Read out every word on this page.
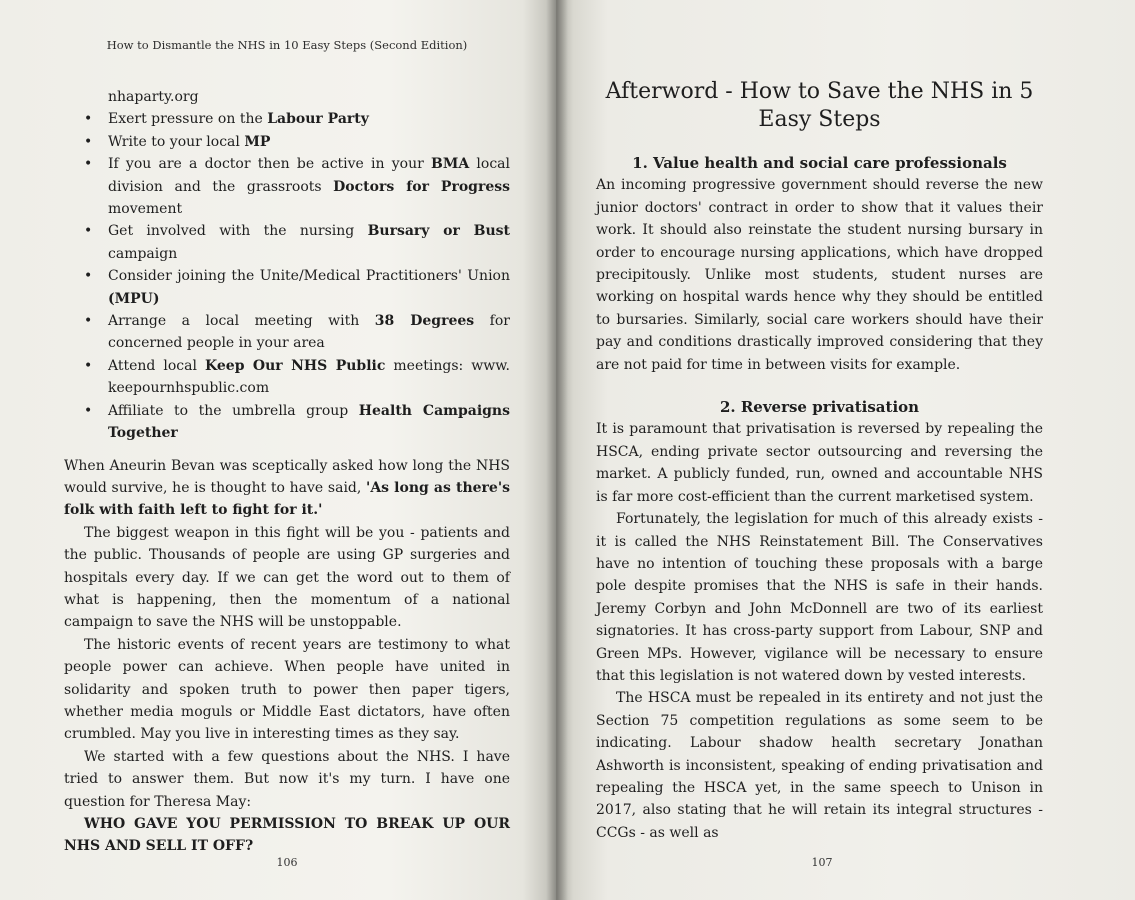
How to Dismantle the NHS in 10 Easy Steps (Second Edition)
nhaparty.org
• Exert pressure on the Labour Party
• Write to your local MP
• If you are a doctor then be active in your BMA local division and the grassroots Doctors for Progress movement
• Get involved with the nursing Bursary or Bust campaign
• Consider joining the Unite/Medical Practitioners' Union (MPU)
• Arrange a local meeting with 38 Degrees for concerned people in your area
• Attend local Keep Our NHS Public meetings: www. keepournhspublic.com
• Affiliate to the umbrella group Health Campaigns Together

When Aneurin Bevan was sceptically asked how long the NHS would survive, he is thought to have said, 'As long as there's folk with faith left to fight for it.'

The biggest weapon in this fight will be you - patients and the public. Thousands of people are using GP surgeries and hospitals every day. If we can get the word out to them of what is happening, then the momentum of a national campaign to save the NHS will be unstoppable.

The historic events of recent years are testimony to what people power can achieve. When people have united in solidarity and spoken truth to power then paper tigers, whether media moguls or Middle East dictators, have often crumbled. May you live in interesting times as they say.

We started with a few questions about the NHS. I have tried to answer them. But now it's my turn. I have one question for Theresa May:

WHO GAVE YOU PERMISSION TO BREAK UP OUR NHS AND SELL IT OFF?

106
Afterword - How to Save the NHS in 5 Easy Steps
1. Value health and social care professionals

An incoming progressive government should reverse the new junior doctors' contract in order to show that it values their work. It should also reinstate the student nursing bursary in order to encourage nursing applications, which have dropped precipitously. Unlike most students, student nurses are working on hospital wards hence why they should be entitled to bursaries. Similarly, social care workers should have their pay and conditions drastically improved considering that they are not paid for time in between visits for example.

2. Reverse privatisation

It is paramount that privatisation is reversed by repealing the HSCA, ending private sector outsourcing and reversing the market. A publicly funded, run, owned and accountable NHS is far more cost-efficient than the current marketised system.

Fortunately, the legislation for much of this already exists - it is called the NHS Reinstatement Bill. The Conservatives have no intention of touching these proposals with a barge pole despite promises that the NHS is safe in their hands. Jeremy Corbyn and John McDonnell are two of its earliest signatories. It has cross-party support from Labour, SNP and Green MPs. However, vigilance will be necessary to ensure that this legislation is not watered down by vested interests.

The HSCA must be repealed in its entirety and not just the Section 75 competition regulations as some seem to be indicating. Labour shadow health secretary Jonathan Ashworth is inconsistent, speaking of ending privatisation and repealing the HSCA yet, in the same speech to Unison in 2017, also stating that he will retain its integral structures - CCGs - as well as

107
